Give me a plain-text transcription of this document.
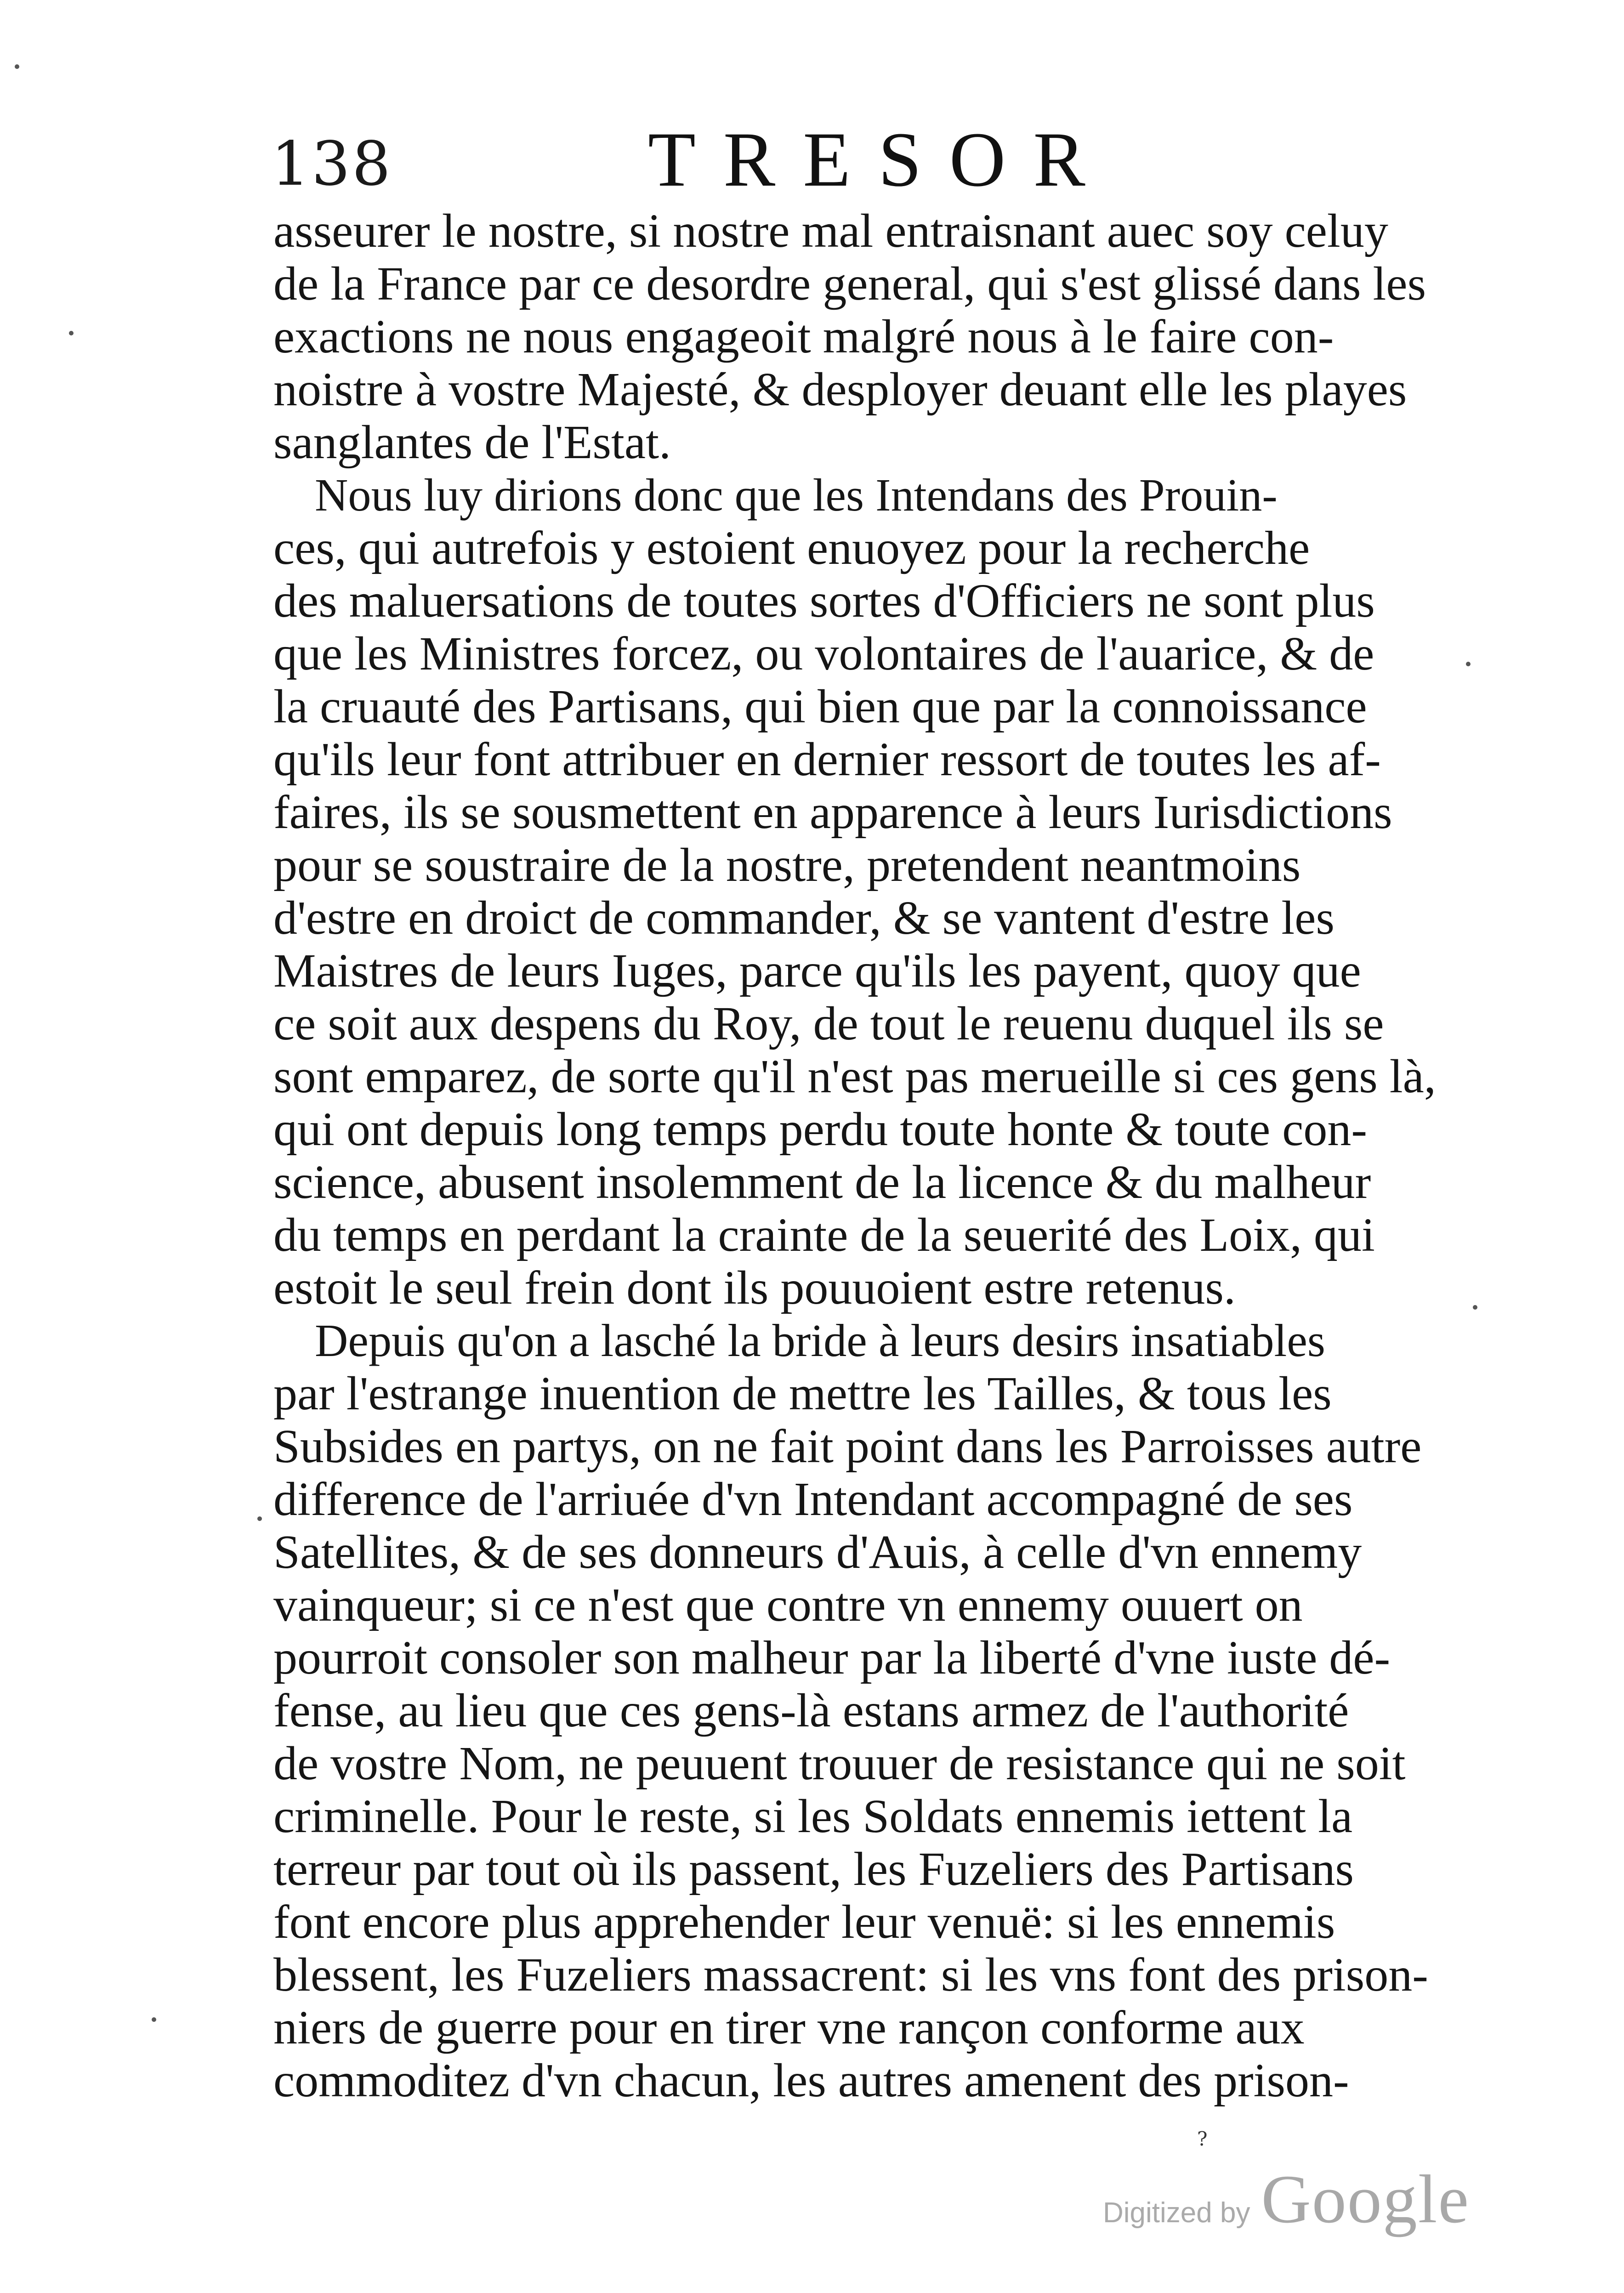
138	TRESOR
asseurer le nostre, si nostre mal entraisnant auec soy celuy
de la France par ce desordre general, qui s'est glissé dans les
exactions ne nous engageoit malgré nous à le faire con-
noistre à vostre Majesté, & desployer deuant elle les playes
sanglantes de l'Estat.
Nous luy dirions donc que les Intendans des Prouin-
ces, qui autrefois y estoient enuoyez pour la recherche
des maluersations de toutes sortes d'Officiers ne sont plus
que les Ministres forcez, ou volontaires de l'auarice, & de
la cruauté des Partisans, qui bien que par la connoissance
qu'ils leur font attribuer en dernier ressort de toutes les af-
faires, ils se sousmettent en apparence à leurs Iurisdictions
pour se soustraire de la nostre, pretendent neantmoins
d'estre en droict de commander, & se vantent d'estre les
Maistres de leurs Iuges, parce qu'ils les payent, quoy que
ce soit aux despens du Roy, de tout le reuenu duquel ils se
sont emparez, de sorte qu'il n'est pas merueille si ces gens là,
qui ont depuis long temps perdu toute honte & toute con-
science, abusent insolemment de la licence & du malheur
du temps en perdant la crainte de la seuerité des Loix, qui
estoit le seul frein dont ils pouuoient estre retenus.
Depuis qu'on a lasché la bride à leurs desirs insatiables
par l'estrange inuention de mettre les Tailles, & tous les
Subsides en partys, on ne fait point dans les Parroisses autre
difference de l'arriuée d'vn Intendant accompagné de ses
Satellites, & de ses donneurs d'Auis, à celle d'vn ennemy
vainqueur; si ce n'est que contre vn ennemy ouuert on
pourroit consoler son malheur par la liberté d'vne iuste dé-
fense, au lieu que ces gens-là estans armez de l'authorité
de vostre Nom, ne peuuent trouuer de resistance qui ne soit
criminelle. Pour le reste, si les Soldats ennemis iettent la
terreur par tout où ils passent, les Fuzeliers des Partisans
font encore plus apprehender leur venuë: si les ennemis
blessent, les Fuzeliers massacrent: si les vns font des prison-
niers de guerre pour en tirer vne rançon conforme aux
commoditez d'vn chacun, les autres amenent des prison-
?
Digitized by Google
